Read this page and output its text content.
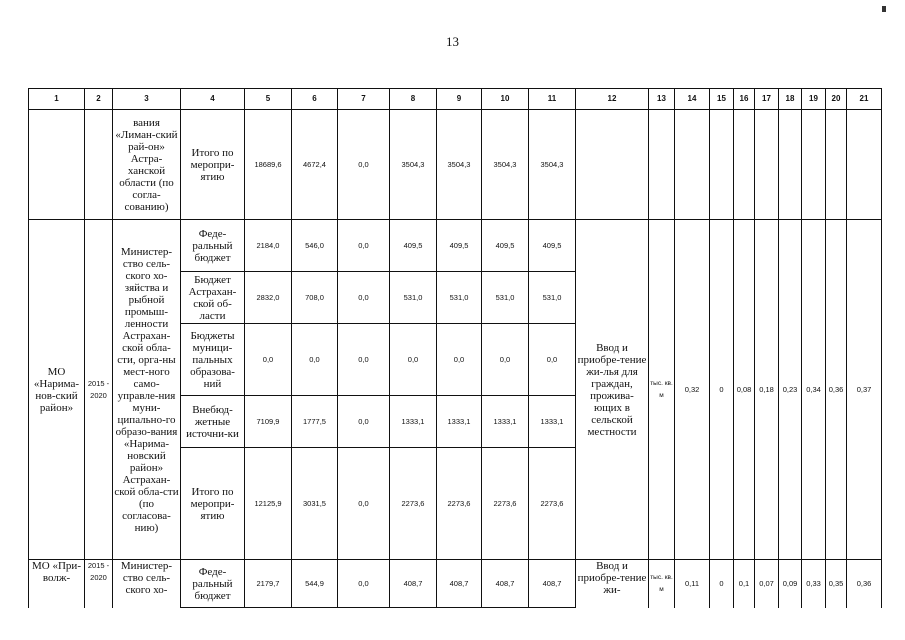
13
1	2	3	4	5	6	7	8	9	10	11	12	13	14	15	16	17	18	19	20	21
		вания «Лиман-ский рай-он» Астра-ханской области (по согла-сованию)	Итого по меропри-ятию	18689,6	4672,4	0,0	3504,3	3504,3	3504,3	3504,3										
МО «Нарима-нов-ский район»	2015 - 2020	Министер-ство сель-ского хо-зяйства и рыбной промыш-ленности Астрахан-ской обла-сти, орга-ны мест-ного само-управле-ния муни-ципально-го образо-вания «Нарима-новский район» Астрахан-ской обла-сти (по согласова-нию)	Феде-ральный бюджет	2184,0	546,0	0,0	409,5	409,5	409,5	409,5	Ввод и приобре-тение жи-лья для граждан, прожива-ющих в сельской местности	тыс. кв. м	0,32	0	0,08	0,18	0,23	0,34	0,36	0,37
			Бюджет Астрахан-ской об-ласти	2832,0	708,0	0,0	531,0	531,0	531,0	531,0										
			Бюджеты муници-пальных образова-ний	0,0	0,0	0,0	0,0	0,0	0,0	0,0										
			Внебюд-жетные источни-ки	7109,9	1777,5	0,0	1333,1	1333,1	1333,1	1333,1										
			Итого по меропри-ятию	12125,9	3031,5	0,0	2273,6	2273,6	2273,6	2273,6										
МО «При-волж-	2015 - 2020	Министер-ство сель-ского хо-	Феде-ральный бюджет	2179,7	544,9	0,0	408,7	408,7	408,7	408,7	Ввод и приобре-тение жи-	тыс. кв. м	0,11	0	0,1	0,07	0,09	0,33	0,35	0,36
